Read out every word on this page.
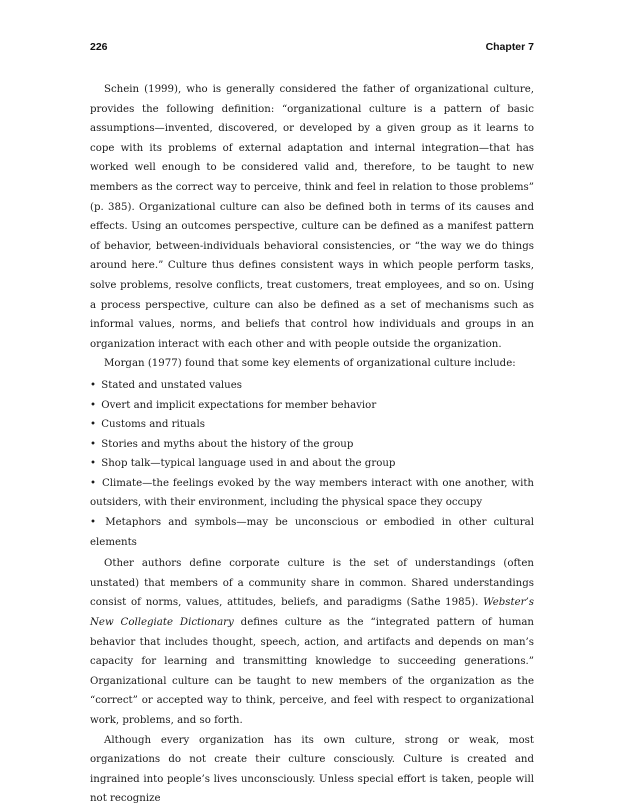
226	Chapter 7

Schein (1999), who is generally considered the father of organizational culture, provides the following definition: “organizational culture is a pattern of basic assumptions—invented, discovered, or developed by a given group as it learns to cope with its problems of external adaptation and internal integration—that has worked well enough to be considered valid and, therefore, to be taught to new members as the correct way to perceive, think and feel in relation to those problems” (p. 385). Organizational culture can also be defined both in terms of its causes and effects. Using an outcomes perspective, culture can be defined as a manifest pattern of behavior, between-individuals behavioral consistencies, or “the way we do things around here.” Culture thus defines consistent ways in which people perform tasks, solve problems, resolve conflicts, treat customers, treat employees, and so on. Using a process perspective, culture can also be defined as a set of mechanisms such as informal values, norms, and beliefs that control how individuals and groups in an organization interact with each other and with people outside the organization.

Morgan (1977) found that some key elements of organizational culture include:

• Stated and unstated values
• Overt and implicit expectations for member behavior
• Customs and rituals
• Stories and myths about the history of the group
• Shop talk—typical language used in and about the group
• Climate—the feelings evoked by the way members interact with one another, with outsiders, with their environment, including the physical space they occupy
• Metaphors and symbols—may be unconscious or embodied in other cultural elements

Other authors define corporate culture is the set of understandings (often unstated) that members of a community share in common. Shared understandings consist of norms, values, attitudes, beliefs, and paradigms (Sathe 1985). Webster’s New Collegiate Dictionary defines culture as the “integrated pattern of human behavior that includes thought, speech, action, and artifacts and depends on man’s capacity for learning and transmitting knowledge to succeeding generations.” Organizational culture can be taught to new members of the organization as the “correct” or accepted way to think, perceive, and feel with respect to organizational work, problems, and so forth.

Although every organization has its own culture, strong or weak, most organizations do not create their culture consciously. Culture is created and ingrained into people’s lives unconsciously. Unless special effort is taken, people will not recognize
